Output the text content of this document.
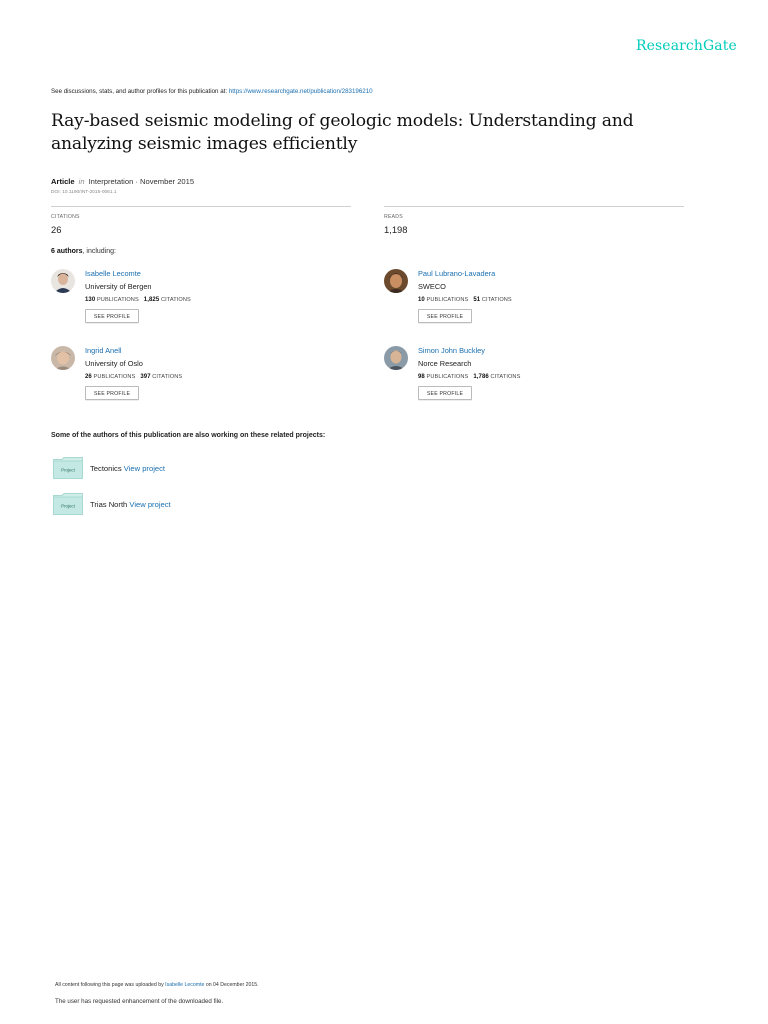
ResearchGate
See discussions, stats, and author profiles for this publication at: https://www.researchgate.net/publication/283196210
Ray-based seismic modeling of geologic models: Understanding and analyzing seismic images efficiently
Article in Interpretation · November 2015
DOI: 10.1190/INT-2015-0061.1
CITATIONS
26
READS
1,198
6 authors, including:
Isabelle Lecomte
University of Bergen
130 PUBLICATIONS 1,825 CITATIONS
SEE PROFILE
Paul Lubrano-Lavadera
SWECO
10 PUBLICATIONS 51 CITATIONS
SEE PROFILE
Ingrid Anell
University of Oslo
26 PUBLICATIONS 397 CITATIONS
SEE PROFILE
Simon John Buckley
Norce Research
98 PUBLICATIONS 1,786 CITATIONS
SEE PROFILE
Some of the authors of this publication are also working on these related projects:
Project Tectonics View project
Project Trias North View project
All content following this page was uploaded by Isabelle Lecomte on 04 December 2015.
The user has requested enhancement of the downloaded file.
